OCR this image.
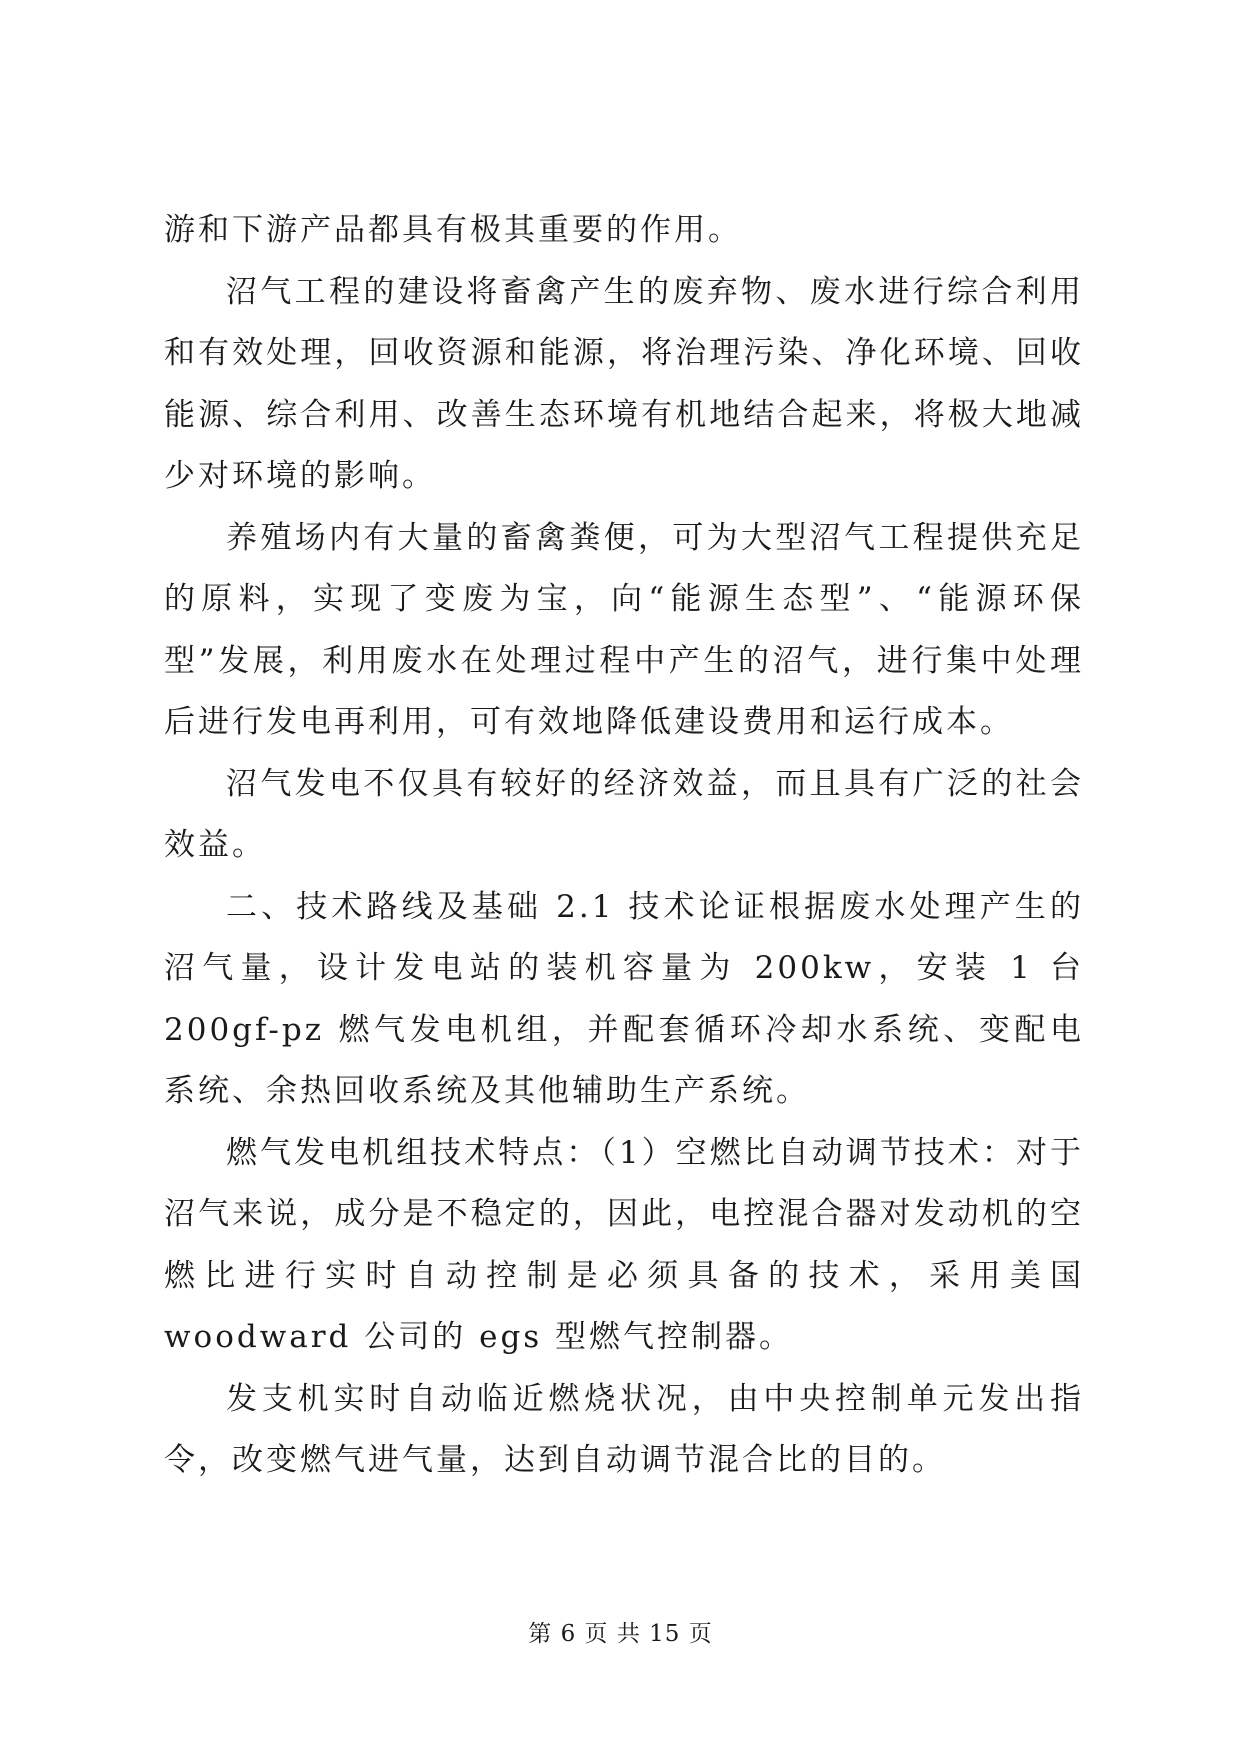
游和下游产品都具有极其重要的作用。

沼气工程的建设将畜禽产生的废弃物、废水进行综合利用和有效处理，回收资源和能源，将治理污染、净化环境、回收能源、综合利用、改善生态环境有机地结合起来，将极大地减少对环境的影响。

养殖场内有大量的畜禽粪便，可为大型沼气工程提供充足的原料，实现了变废为宝，向“能源生态型”、“能源环保型”发展，利用废水在处理过程中产生的沼气，进行集中处理后进行发电再利用，可有效地降低建设费用和运行成本。

沼气发电不仅具有较好的经济效益，而且具有广泛的社会效益。

二、技术路线及基础 2.1 技术论证根据废水处理产生的沼气量，设计发电站的装机容量为 200kw，安装 1 台 200gf-pz 燃气发电机组，并配套循环冷却水系统、变配电系统、余热回收系统及其他辅助生产系统。

燃气发电机组技术特点：（1）空燃比自动调节技术：对于沼气来说，成分是不稳定的，因此，电控混合器对发动机的空燃比进行实时自动控制是必须具备的技术，采用美国 woodward 公司的 egs 型燃气控制器。

发支机实时自动临近燃烧状况，由中央控制单元发出指令，改变燃气进气量，达到自动调节混合比的目的。

第 6 页 共 15 页
